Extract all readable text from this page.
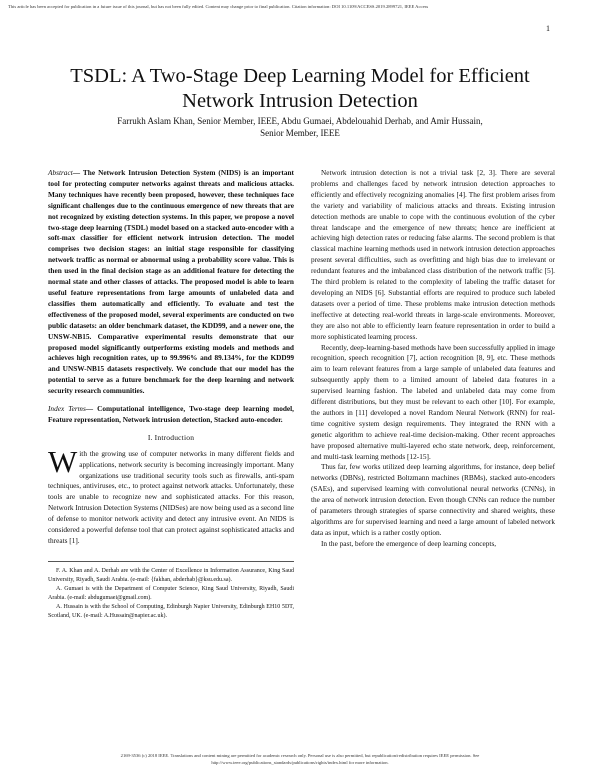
This article has been accepted for publication in a future issue of this journal, but has not been fully edited. Content may change prior to final publication. Citation information: DOI 10.1109/ACCESS.2019.2899721, IEEE Access
1
TSDL: A Two-Stage Deep Learning Model for Efficient Network Intrusion Detection
Farrukh Aslam Khan, Senior Member, IEEE, Abdu Gumaei, Abdelouahid Derhab, and Amir Hussain,
Senior Member, IEEE

Abstract— The Network Intrusion Detection System (NIDS) is an important tool for protecting computer networks against threats and malicious attacks. Many techniques have recently been proposed, however, these techniques face significant challenges due to the continuous emergence of new threats that are not recognized by existing detection systems. In this paper, we propose a novel two-stage deep learning (TSDL) model based on a stacked auto-encoder with a soft-max classifier for efficient network intrusion detection. The model comprises two decision stages: an initial stage responsible for classifying network traffic as normal or abnormal using a probability score value. This is then used in the final decision stage as an additional feature for detecting the normal state and other classes of attacks. The proposed model is able to learn useful feature representations from large amounts of unlabeled data and classifies them automatically and efficiently. To evaluate and test the effectiveness of the proposed model, several experiments are conducted on two public datasets: an older benchmark dataset, the KDD99, and a newer one, the UNSW-NB15. Comparative experimental results demonstrate that our proposed model significantly outperforms existing models and methods and achieves high recognition rates, up to 99.996% and 89.134%, for the KDD99 and UNSW-NB15 datasets respectively. We conclude that our model has the potential to serve as a future benchmark for the deep learning and network security research communities.

Index Terms— Computational intelligence, Two-stage deep learning model, Feature representation, Network intrusion detection, Stacked auto-encoder.

I. Introduction

With the growing use of computer networks in many different fields and applications, network security is becoming increasingly important. Many organizations use traditional security tools such as firewalls, anti-spam techniques, antiviruses, etc., to protect against network attacks. Unfortunately, these tools are unable to recognize new and sophisticated attacks. For this reason, Network Intrusion Detection Systems (NIDSes) are now being used as a second line of defense to monitor network activity and detect any intrusive event. An NIDS is considered a powerful defense tool that can protect against sophisticated attacks and threats [1].

F. A. Khan and A. Derhab are with the Center of Excellence in Information Assurance, King Saud University, Riyadh, Saudi Arabia. (e-mail: {fakhan, abderhab}@ksu.edu.sa).

A. Gumaei is with the Department of Computer Science, King Saud University, Riyadh, Saudi Arabia. (e-mail: abdugumaei@gmail.com).

A. Hussain is with the School of Computing, Edinburgh Napier University, Edinburgh EH10 5DT, Scotland, UK. (e-mail: A.Hussain@napier.ac.uk).

Network intrusion detection is not a trivial task [2, 3]. There are several problems and challenges faced by network intrusion detection approaches to efficiently and effectively recognizing anomalies [4]. The first problem arises from the variety and variability of malicious attacks and threats. Existing intrusion detection methods are unable to cope with the continuous evolution of the cyber threat landscape and the emergence of new threats; hence are inefficient at achieving high detection rates or reducing false alarms. The second problem is that classical machine learning methods used in network intrusion detection approaches present several difficulties, such as overfitting and high bias due to irrelevant or redundant features and the imbalanced class distribution of the network traffic [5]. The third problem is related to the complexity of labeling the traffic dataset for developing an NIDS [6]. Substantial efforts are required to produce such labeled datasets over a period of time. These problems make intrusion detection methods ineffective at detecting real-world threats in large-scale environments. Moreover, they are also not able to efficiently learn feature representation in order to build a more sophisticated learning process.

Recently, deep-learning-based methods have been successfully applied in image recognition, speech recognition [7], action recognition [8, 9], etc. These methods aim to learn relevant features from a large sample of unlabeled data features and subsequently apply them to a limited amount of labeled data features in a supervised learning fashion. The labeled and unlabeled data may come from different distributions, but they must be relevant to each other [10]. For example, the authors in [11] developed a novel Random Neural Network (RNN) for real-time cognitive system design requirements. They integrated the RNN with a genetic algorithm to achieve real-time decision-making. Other recent approaches have proposed alternative multi-layered echo state network, deep, reinforcement, and multi-task learning methods [12-15].

Thus far, few works utilized deep learning algorithms, for instance, deep belief networks (DBNs), restricted Boltzmann machines (RBMs), stacked auto-encoders (SAEs), and supervised learning with convolutional neural networks (CNNs), in the area of network intrusion detection. Even though CNNs can reduce the number of parameters through strategies of sparse connectivity and shared weights, these algorithms are for supervised learning and need a large amount of labeled network data as input, which is a rather costly option.

In the past, before the emergence of deep learning concepts,

2169-3536 (c) 2018 IEEE. Translations and content mining are permitted for academic research only. Personal use is also permitted, but republication/redistribution requires IEEE permission. See
http://www.ieee.org/publications_standards/publications/rights/index.html for more information.
